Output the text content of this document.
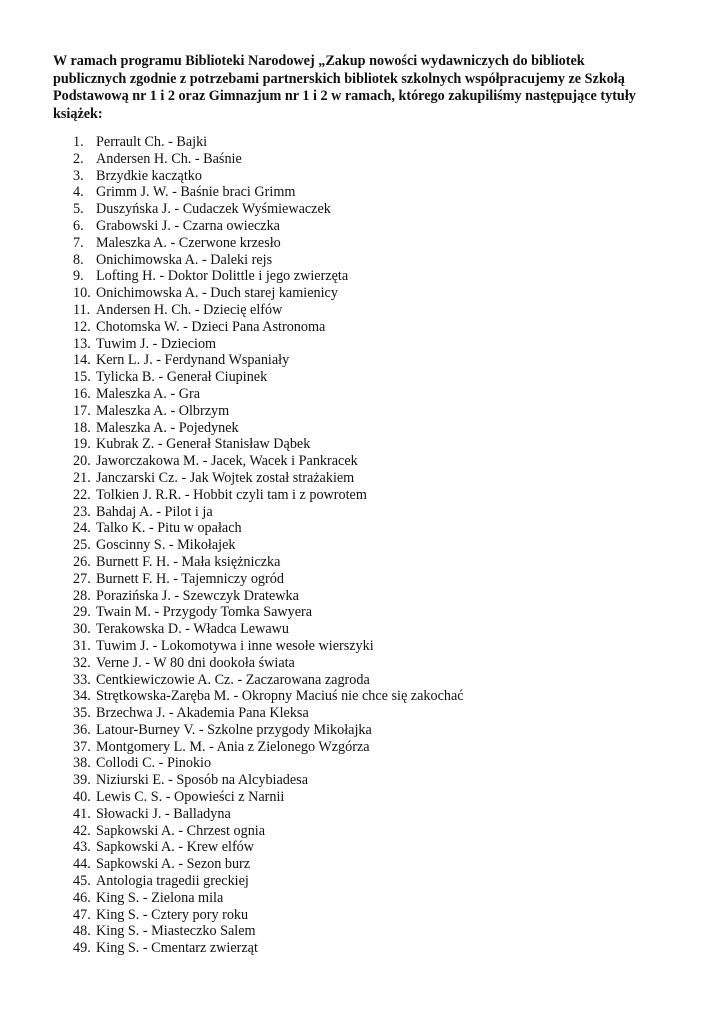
W ramach programu Biblioteki Narodowej „Zakup nowości wydawniczych do bibliotek
publicznych zgodnie z potrzebami partnerskich bibliotek szkolnych współpracujemy ze Szkołą
Podstawową nr 1 i 2 oraz Gimnazjum nr 1 i 2 w ramach, którego zakupiliśmy następujące tytuły
książek:

1. Perrault Ch. - Bajki
2. Andersen H. Ch. - Baśnie
3. Brzydkie kaczątko
4. Grimm J. W. - Baśnie braci Grimm
5. Duszyńska J. - Cudaczek Wyśmiewaczek
6. Grabowski J. - Czarna owieczka
7. Maleszka A. - Czerwone krzesło
8. Onichimowska A. - Daleki rejs
9. Lofting H. - Doktor Dolittle i jego zwierzęta
10. Onichimowska A. - Duch starej kamienicy
11. Andersen H. Ch. - Dziecię elfów
12. Chotomska W. - Dzieci Pana Astronoma
13. Tuwim J. - Dzieciom
14. Kern L. J. - Ferdynand Wspaniały
15. Tylicka B. - Generał Ciupinek
16. Maleszka A. - Gra
17. Maleszka A. - Olbrzym
18. Maleszka A. - Pojedynek
19. Kubrak Z. - Generał Stanisław Dąbek
20. Jaworczakowa M. - Jacek, Wacek i Pankracek
21. Janczarski Cz. - Jak Wojtek został strażakiem
22. Tolkien J. R.R. - Hobbit czyli tam i z powrotem
23. Bahdaj A. - Pilot i ja
24. Talko K. - Pitu w opałach
25. Goscinny S. - Mikołajek
26. Burnett F. H. - Mała księżniczka
27. Burnett F. H. - Tajemniczy ogród
28. Porazińska J. - Szewczyk Dratewka
29. Twain M. - Przygody Tomka Sawyera
30. Terakowska D. - Władca Lewawu
31. Tuwim J. - Lokomotywa i inne wesołe wierszyki
32. Verne J. - W 80 dni dookoła świata
33. Centkiewiczowie A. Cz. - Zaczarowana zagroda
34. Strętkowska-Zaręba M. - Okropny Maciuś nie chce się zakochać
35. Brzechwa J. - Akademia Pana Kleksa
36. Latour-Burney V. - Szkolne przygody Mikołajka
37. Montgomery L. M. - Ania z Zielonego Wzgórza
38. Collodi C. - Pinokio
39. Niziurski E. - Sposób na Alcybiadesa
40. Lewis C. S. - Opowieści z Narnii
41. Słowacki J. - Balladyna
42. Sapkowski A. - Chrzest ognia
43. Sapkowski A. - Krew elfów
44. Sapkowski A. - Sezon burz
45. Antologia tragedii greckiej
46. King S. - Zielona mila
47. King S. - Cztery pory roku
48. King S. - Miasteczko Salem
49. King S. - Cmentarz zwierząt
